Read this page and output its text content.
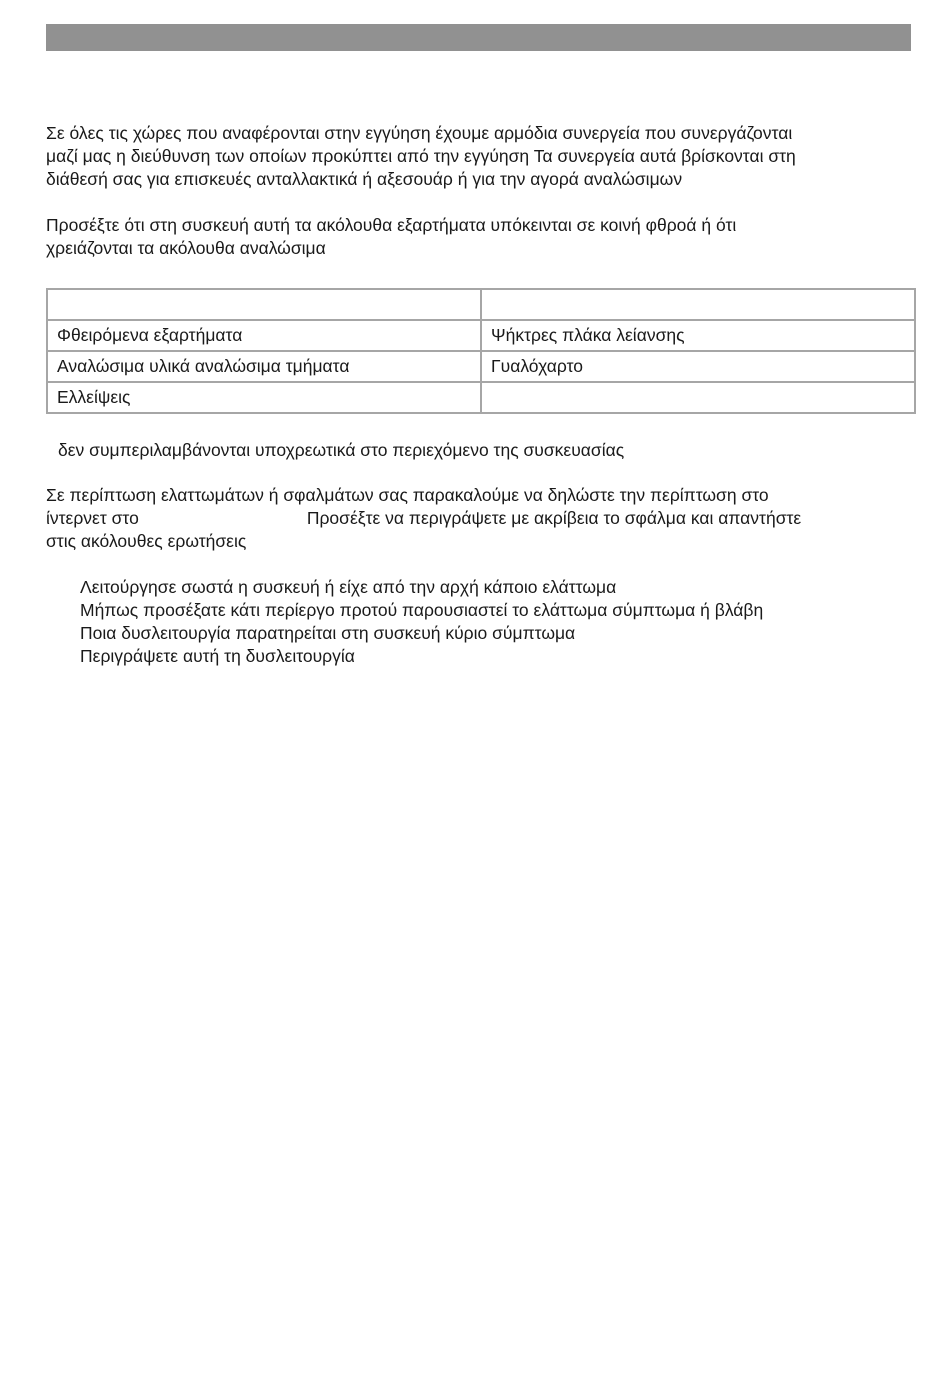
Σε όλες τις χώρες που αναφέρονται στην εγγύηση έχουμε αρμόδια συνεργεία που συνεργάζονται
μαζί μας η διεύθυνση των οποίων προκύπτει από την εγγύηση Τα συνεργεία αυτά βρίσκονται στη
διάθεσή σας για επισκευές ανταλλακτικά ή αξεσουάρ ή για την αγορά αναλώσιμων

Προσέξτε ότι στη συσκευή αυτή τα ακόλουθα εξαρτήματα υπόκεινται σε κοινή φθροά ή ότι
χρειάζονται τα ακόλουθα αναλώσιμα

Φθειρόμενα εξαρτήματα	Ψήκτρες πλάκα λείανσης
Αναλώσιμα υλικά αναλώσιμα τμήματα	Γυαλόχαρτο
Ελλείψεις	

δεν συμπεριλαμβάνονται υποχρεωτικά στο περιεχόμενο της συσκευασίας

Σε περίπτωση ελαττωμάτων ή σφαλμάτων σας παρακαλούμε να δηλώστε την περίπτωση στο
ίντερνετ στο	Προσέξτε να περιγράψετε με ακρίβεια το σφάλμα και απαντήστε
στις ακόλουθες ερωτήσεις

Λειτούργησε σωστά η συσκευή ή είχε από την αρχή κάποιο ελάττωμα
Μήπως προσέξατε κάτι περίεργο προτού παρουσιαστεί το ελάττωμα σύμπτωμα ή βλάβη
Ποια δυσλειτουργία παρατηρείται στη συσκευή κύριο σύμπτωμα
Περιγράψετε αυτή τη δυσλειτουργία
